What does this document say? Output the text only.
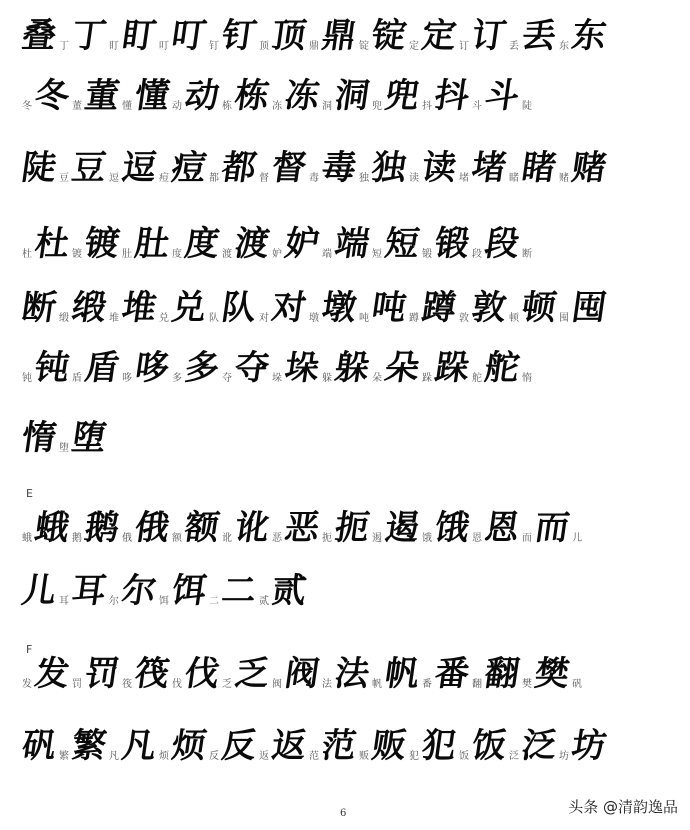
叠 丁 丁 盯 盯 叮 叮 钉 钉 顶 顶 鼎 鼎 锭 锭 定 定 订 订 丢 丢 东 东
冬 冬 董 董 懂 懂 动 动 栋 栋 冻 冻 洞 洞 兜 兜 抖 抖 斗 斗 陡
陡 豆 豆 逗 逗 痘 痘 都 都 督 督 毒 毒 独 独 读 读 堵 堵 睹 睹 赌 赌
杜 杜 镀 镀 肚 肚 度 度 渡 渡 妒 妒 端 端 短 短 锻 锻 段 段 断
断 缎 缎 堆 堆 兑 兑 队 队 对 对 墩 墩 吨 吨 蹲 蹲 敦 敦 顿 顿 囤 囤
钝 钝 盾 盾 哆 哆 多 多 夺 夺 垛 垛 躲 躲 朵 朵 跺 跺 舵 舵 惰
惰 堕 堕
蛾 蛾 鹅 鹅 俄 俄 额 额 讹 讹 恶 恶 扼 扼 遏 遏 饿 饿 恩 恩 而 而 儿
儿 耳 耳 尔 尔 饵 饵 二 二 贰 贰
发 发 罚 罚 筏 筏 伐 伐 乏 乏 阀 阀 法 法 帆 帆 番 番 翻 翻 樊 樊 矾
矾 繁 繁 凡 凡 烦 烦 反 反 返 返 范 范 贩 贩 犯 犯 饭 饭 泛 泛 坊 坊
E
F
6	头条 @清韵逸品
